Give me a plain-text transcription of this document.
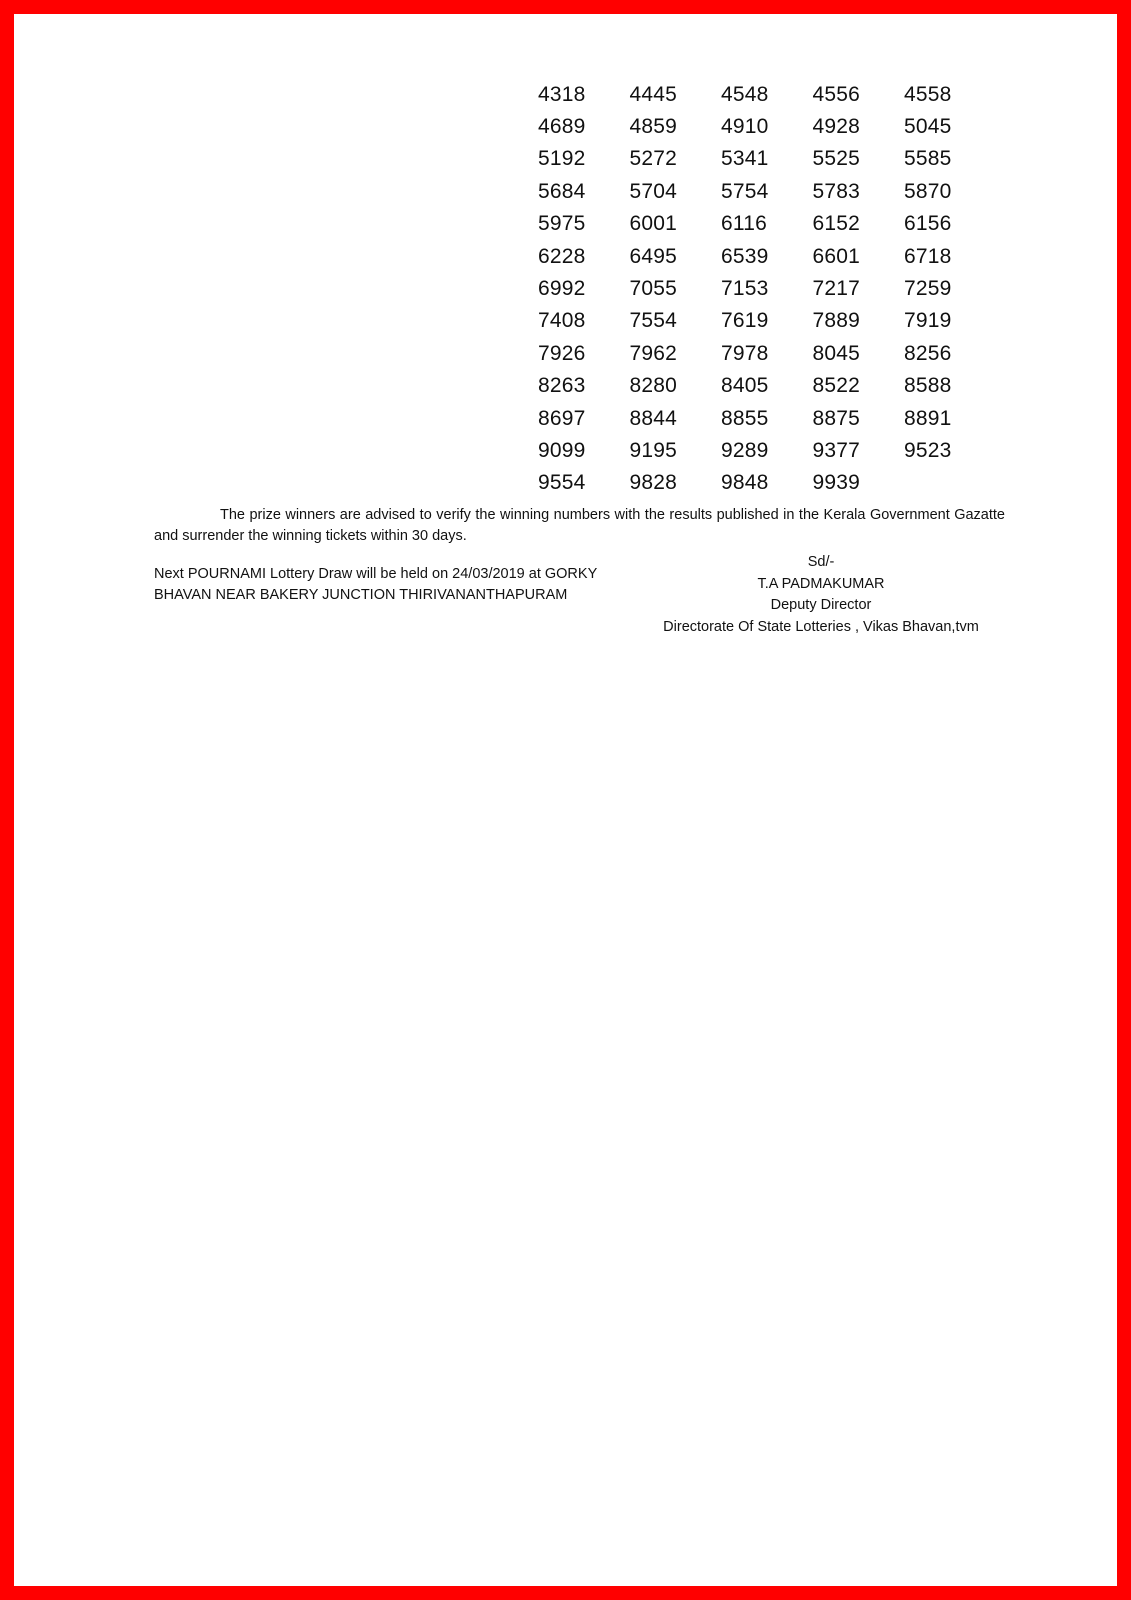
4318	4445	4548	4556	4558
4689	4859	4910	4928	5045
5192	5272	5341	5525	5585
5684	5704	5754	5783	5870
5975	6001	6116	6152	6156
6228	6495	6539	6601	6718
6992	7055	7153	7217	7259
7408	7554	7619	7889	7919
7926	7962	7978	8045	8256
8263	8280	8405	8522	8588
8697	8844	8855	8875	8891
9099	9195	9289	9377	9523
9554	9828	9848	9939

The prize winners are advised to verify the winning numbers with the results published in the Kerala Government Gazatte and surrender the winning tickets within 30 days.

Next POURNAMI Lottery Draw will be held on 24/03/2019 at GORKY
BHAVAN NEAR BAKERY JUNCTION THIRIVANANTHAPURAM
Sd/-
T.A PADMAKUMAR
Deputy Director
Directorate Of State Lotteries , Vikas Bhavan,tvm
